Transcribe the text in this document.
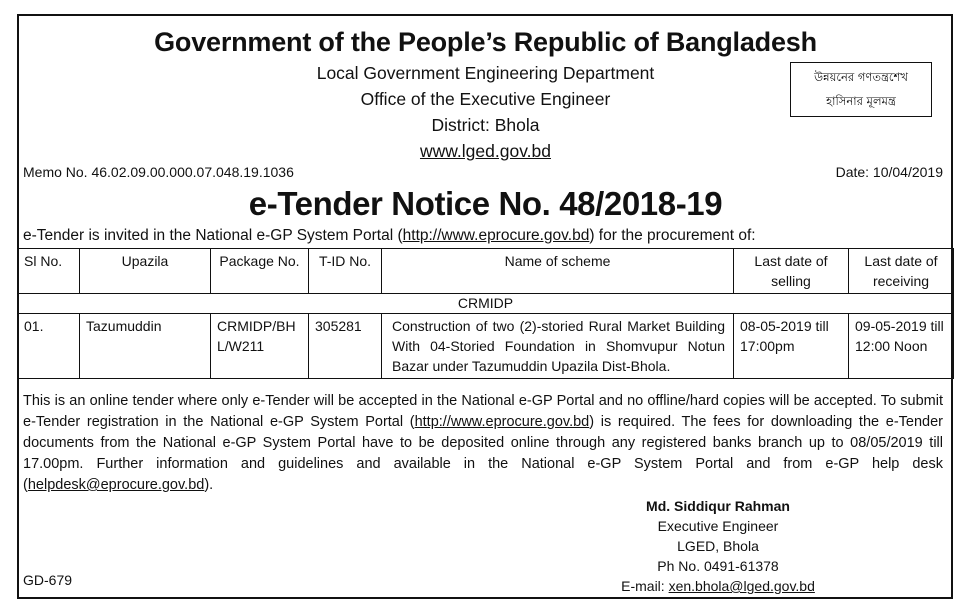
Government of the People’s Republic of Bangladesh
Local Government Engineering Department
Office of the Executive Engineer
District: Bhola
www.lged.gov.bd
উন্নয়নের গণতন্ত্রশেখ
হাসিনার মূলমন্ত্র
Memo No. 46.02.09.00.000.07.048.19.1036	Date: 10/04/2019
e-Tender Notice No. 48/2018-19
e-Tender is invited in the National e-GP System Portal (http://www.eprocure.gov.bd) for the procurement of:
Sl No.	Upazila	Package No.	T-ID No.	Name of scheme	Last date of selling	Last date of receiving
CRMIDP						
01.	Tazumuddin	CRMIDP/BHL/W211	305281	Construction of two (2)-storied Rural Market Building With 04-Storied Foundation in Shomvupur Notun Bazar under Tazumuddin Upazila Dist-Bhola.	08-05-2019 till 17:00pm	09-05-2019 till 12:00 Noon
This is an online tender where only e-Tender will be accepted in the National e-GP Portal and no offline/hard copies will be accepted. To submit e-Tender registration in the National e-GP System Portal (http://www.eprocure.gov.bd) is required. The fees for downloading the e-Tender documents from the National e-GP System Portal have to be deposited online through any registered banks branch up to 08/05/2019 till 17.00pm. Further information and guidelines and available in the National e-GP System Portal and from e-GP help desk (helpdesk@eprocure.gov.bd).
Md. Siddiqur Rahman
Executive Engineer
LGED, Bhola
Ph No. 0491-61378
E-mail: xen.bhola@lged.gov.bd
GD-679
